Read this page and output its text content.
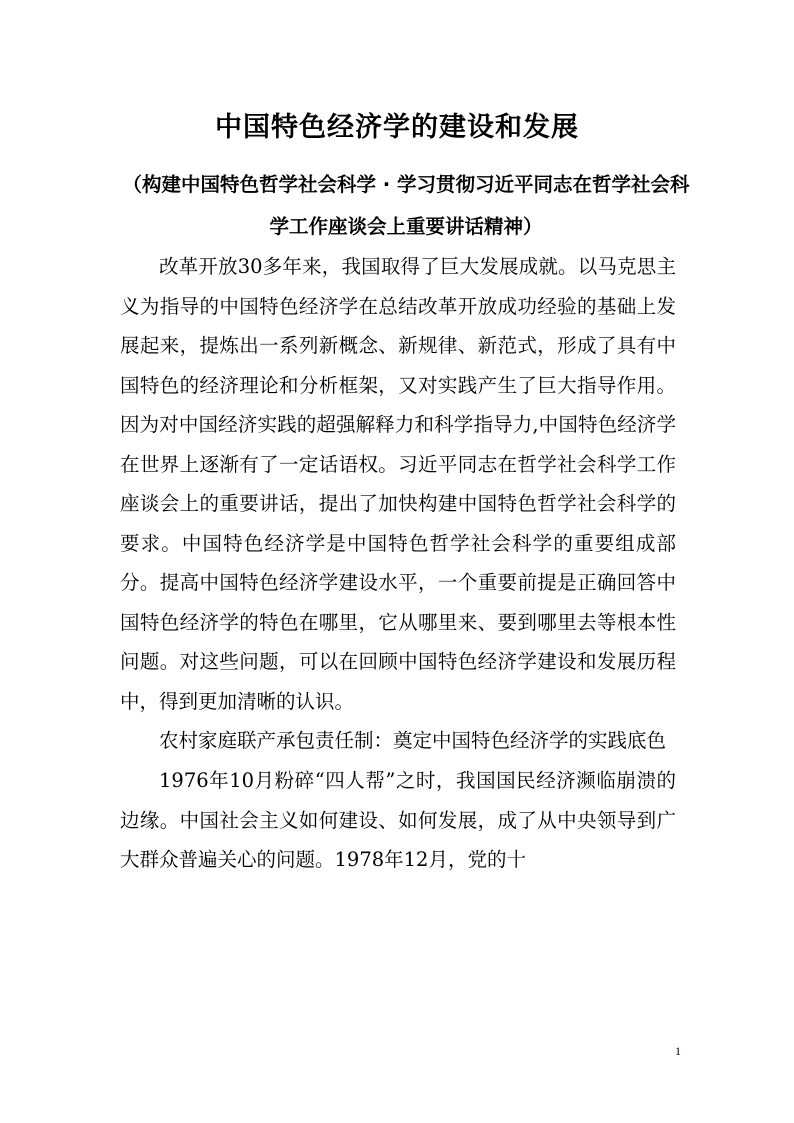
中国特色经济学的建设和发展
（构建中国特色哲学社会科学 · 学习贯彻习近平同志在哲学社会科学工作座谈会上重要讲话精神）

改革开放30多年来，我国取得了巨大发展成就。以马克思主义为指导的中国特色经济学在总结改革开放成功经验的基础上发展起来，提炼出一系列新概念、新规律、新范式，形成了具有中国特色的经济理论和分析框架，又对实践产生了巨大指导作用。因为对中国经济实践的超强解释力和科学指导力,中国特色经济学在世界上逐渐有了一定话语权。习近平同志在哲学社会科学工作座谈会上的重要讲话，提出了加快构建中国特色哲学社会科学的要求。中国特色经济学是中国特色哲学社会科学的重要组成部分。提高中国特色经济学建设水平，一个重要前提是正确回答中国特色经济学的特色在哪里，它从哪里来、要到哪里去等根本性问题。对这些问题，可以在回顾中国特色经济学建设和发展历程中，得到更加清晰的认识。

农村家庭联产承包责任制：奠定中国特色经济学的实践底色

1976年10月粉碎“四人帮”之时，我国国民经济濒临崩溃的边缘。中国社会主义如何建设、如何发展，成了从中央领导到广大群众普遍关心的问题。1978年12月，党的十

1
